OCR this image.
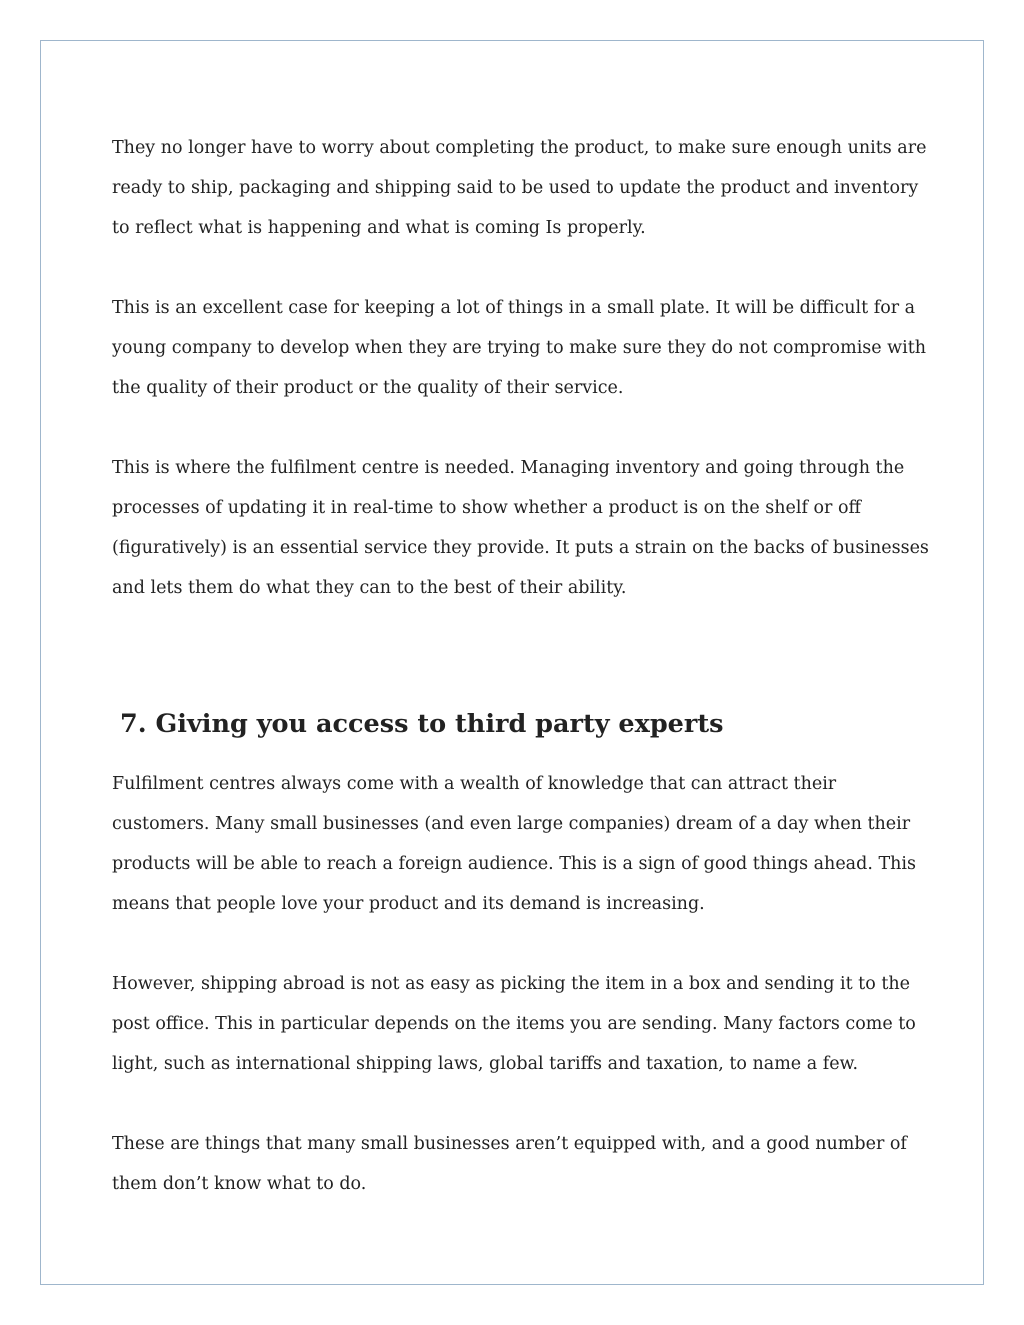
They no longer have to worry about completing the product, to make sure enough units are
ready to ship, packaging and shipping said to be used to update the product and inventory
to reflect what is happening and what is coming Is properly.

This is an excellent case for keeping a lot of things in a small plate. It will be difficult for a
young company to develop when they are trying to make sure they do not compromise with
the quality of their product or the quality of their service.

This is where the fulfilment centre is needed. Managing inventory and going through the
processes of updating it in real-time to show whether a product is on the shelf or off
(figuratively) is an essential service they provide. It puts a strain on the backs of businesses
and lets them do what they can to the best of their ability.

7. Giving you access to third party experts

Fulfilment centres always come with a wealth of knowledge that can attract their
customers. Many small businesses (and even large companies) dream of a day when their
products will be able to reach a foreign audience. This is a sign of good things ahead. This
means that people love your product and its demand is increasing.

However, shipping abroad is not as easy as picking the item in a box and sending it to the
post office. This in particular depends on the items you are sending. Many factors come to
light, such as international shipping laws, global tariffs and taxation, to name a few.

These are things that many small businesses aren’t equipped with, and a good number of
them don’t know what to do.
